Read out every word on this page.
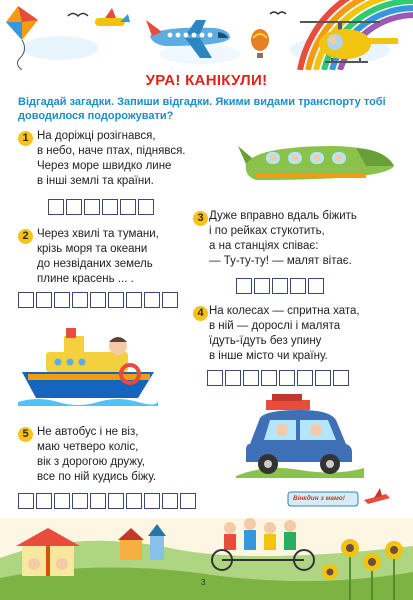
УРА! КАНІКУЛИ!
Відгадай загадки. Запиши відгадки. Якими видами транспорту тобі доводилося подорожувати?
1 На доріжці розігнався,
в небо, наче птах, піднявся.
Через море швидко лине
в інші землі та країни.
2 Через хвилі та тумани,
крізь моря та океани
до незвіданих земель
плине красень ... .
3 Дуже вправно вдаль біжить
і по рейках стукотить,
а на станціях співає:
— Ту-ту-ту! — малят вітає.
4 На колесах — спритна хата,
в ній — дорослі і малята
їдуть-їдуть без упину
в інше місто чи країну.
5 Не автобус і не віз,
маю четверо коліс,
вік з дорогою дружу,
все по ній кудись біжу.
Вінкдин з мамо!
3
